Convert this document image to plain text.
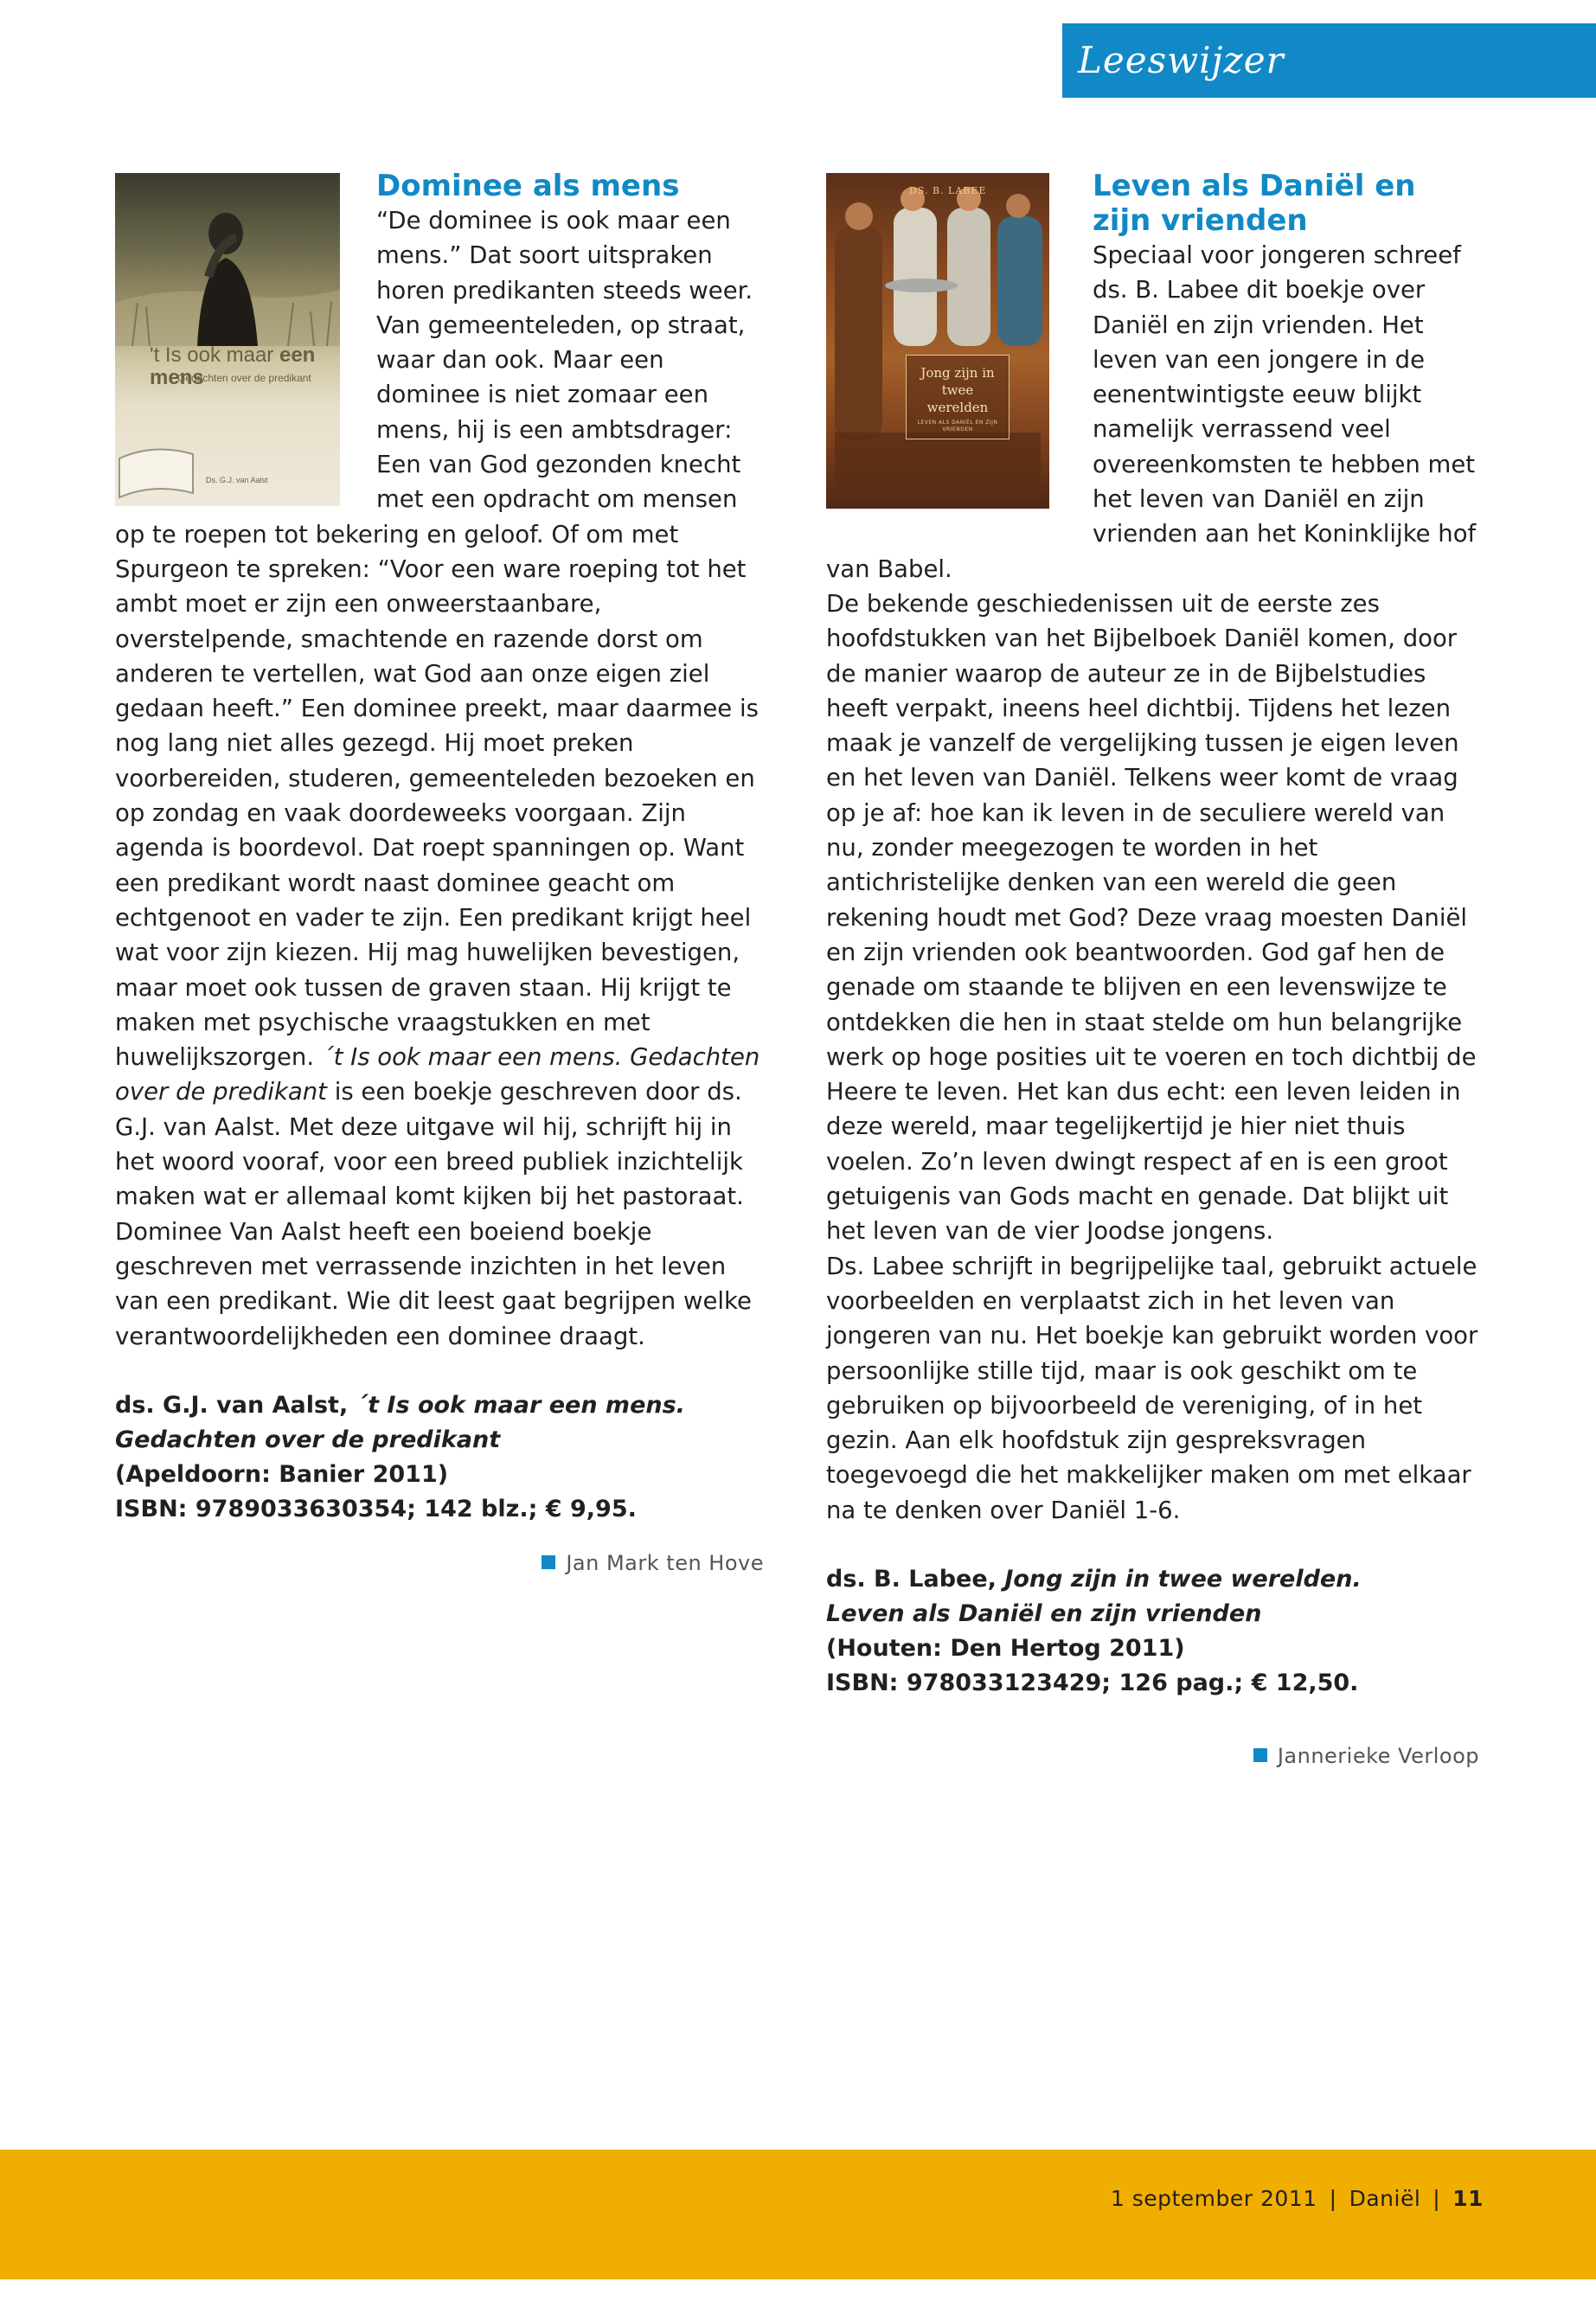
Leeswijzer
't Is ook maar een mens
Gedachten over de predikant
Ds. G.J. van Aalst
Dominee als mens

“De dominee is ook maar een mens.” Dat soort uitspraken horen predikanten steeds weer. Van gemeenteleden, op straat, waar dan ook. Maar een dominee is niet zomaar een mens, hij is een ambtsdrager: Een van God gezonden knecht met een opdracht om mensen op te roepen tot bekering en geloof. Of om met Spurgeon te spreken: “Voor een ware roeping tot het ambt moet er zijn een onweerstaanbare, overstelpende, smachtende en razende dorst om anderen te vertellen, wat God aan onze eigen ziel gedaan heeft.” Een dominee preekt, maar daarmee is nog lang niet alles gezegd. Hij moet preken voorbereiden, studeren, gemeenteleden bezoeken en op zondag en vaak doordeweeks voorgaan. Zijn agenda is boordevol. Dat roept spanningen op. Want een predikant wordt naast dominee geacht om echtgenoot en vader te zijn. Een predikant krijgt heel wat voor zijn kiezen. Hij mag huwelijken bevestigen, maar moet ook tussen de graven staan. Hij krijgt te maken met psychische vraagstukken en met huwelijkszorgen. ´t Is ook maar een mens. Gedachten over de predikant is een boekje geschreven door ds. G.J. van Aalst. Met deze uitgave wil hij, schrijft hij in het woord vooraf, voor een breed publiek inzichtelijk maken wat er allemaal komt kijken bij het pastoraat.

Dominee Van Aalst heeft een boeiend boekje geschreven met verrassende inzichten in het leven van een predikant. Wie dit leest gaat begrijpen welke verantwoordelijkheden een dominee draagt.

ds. G.J. van Aalst, ´t Is ook maar een mens.

Gedachten over de predikant

(Apeldoorn: Banier 2011)

ISBN: 9789033630354; 142 blz.; € 9,95.

Jan Mark ten Hove
DS. B. LABEE
Jong zijn in twee werelden
LEVEN ALS DANIËL EN ZIJN VRIENDEN
Leven als Daniël en zijn vrienden

Speciaal voor jongeren schreef ds. B. Labee dit boekje over Daniël en zijn vrienden. Het leven van een jongere in de eenentwintigste eeuw blijkt namelijk verrassend veel overeenkomsten te hebben met het leven van Daniël en zijn vrienden aan het Koninklijke hof van Babel.

De bekende geschiedenissen uit de eerste zes hoofdstukken van het Bijbelboek Daniël komen, door de manier waarop de auteur ze in de Bijbelstudies heeft verpakt, ineens heel dichtbij. Tijdens het lezen maak je vanzelf de vergelijking tussen je eigen leven en het leven van Daniël. Telkens weer komt de vraag op je af: hoe kan ik leven in de seculiere wereld van nu, zonder meegezogen te worden in het antichristelijke denken van een wereld die geen rekening houdt met God? Deze vraag moesten Daniël en zijn vrienden ook beantwoorden. God gaf hen de genade om staande te blijven en een levenswijze te ontdekken die hen in staat stelde om hun belangrijke werk op hoge posities uit te voeren en toch dichtbij de Heere te leven. Het kan dus echt: een leven leiden in deze wereld, maar tegelijkertijd je hier niet thuis voelen. Zo’n leven dwingt respect af en is een groot getuigenis van Gods macht en genade. Dat blijkt uit het leven van de vier Joodse jongens.

Ds. Labee schrijft in begrijpelijke taal, gebruikt actuele voorbeelden en verplaatst zich in het leven van jongeren van nu. Het boekje kan gebruikt worden voor persoonlijke stille tijd, maar is ook geschikt om te gebruiken op bijvoorbeeld de vereniging, of in het gezin. Aan elk hoofdstuk zijn gespreksvragen toegevoegd die het makkelijker maken om met elkaar na te denken over Daniël 1-6.

ds. B. Labee, Jong zijn in twee werelden.

Leven als Daniël en zijn vrienden

(Houten: Den Hertog 2011)

ISBN: 978033123429; 126 pag.; € 12,50.

Jannerieke Verloop
1 september 2011 | Daniël | 11
